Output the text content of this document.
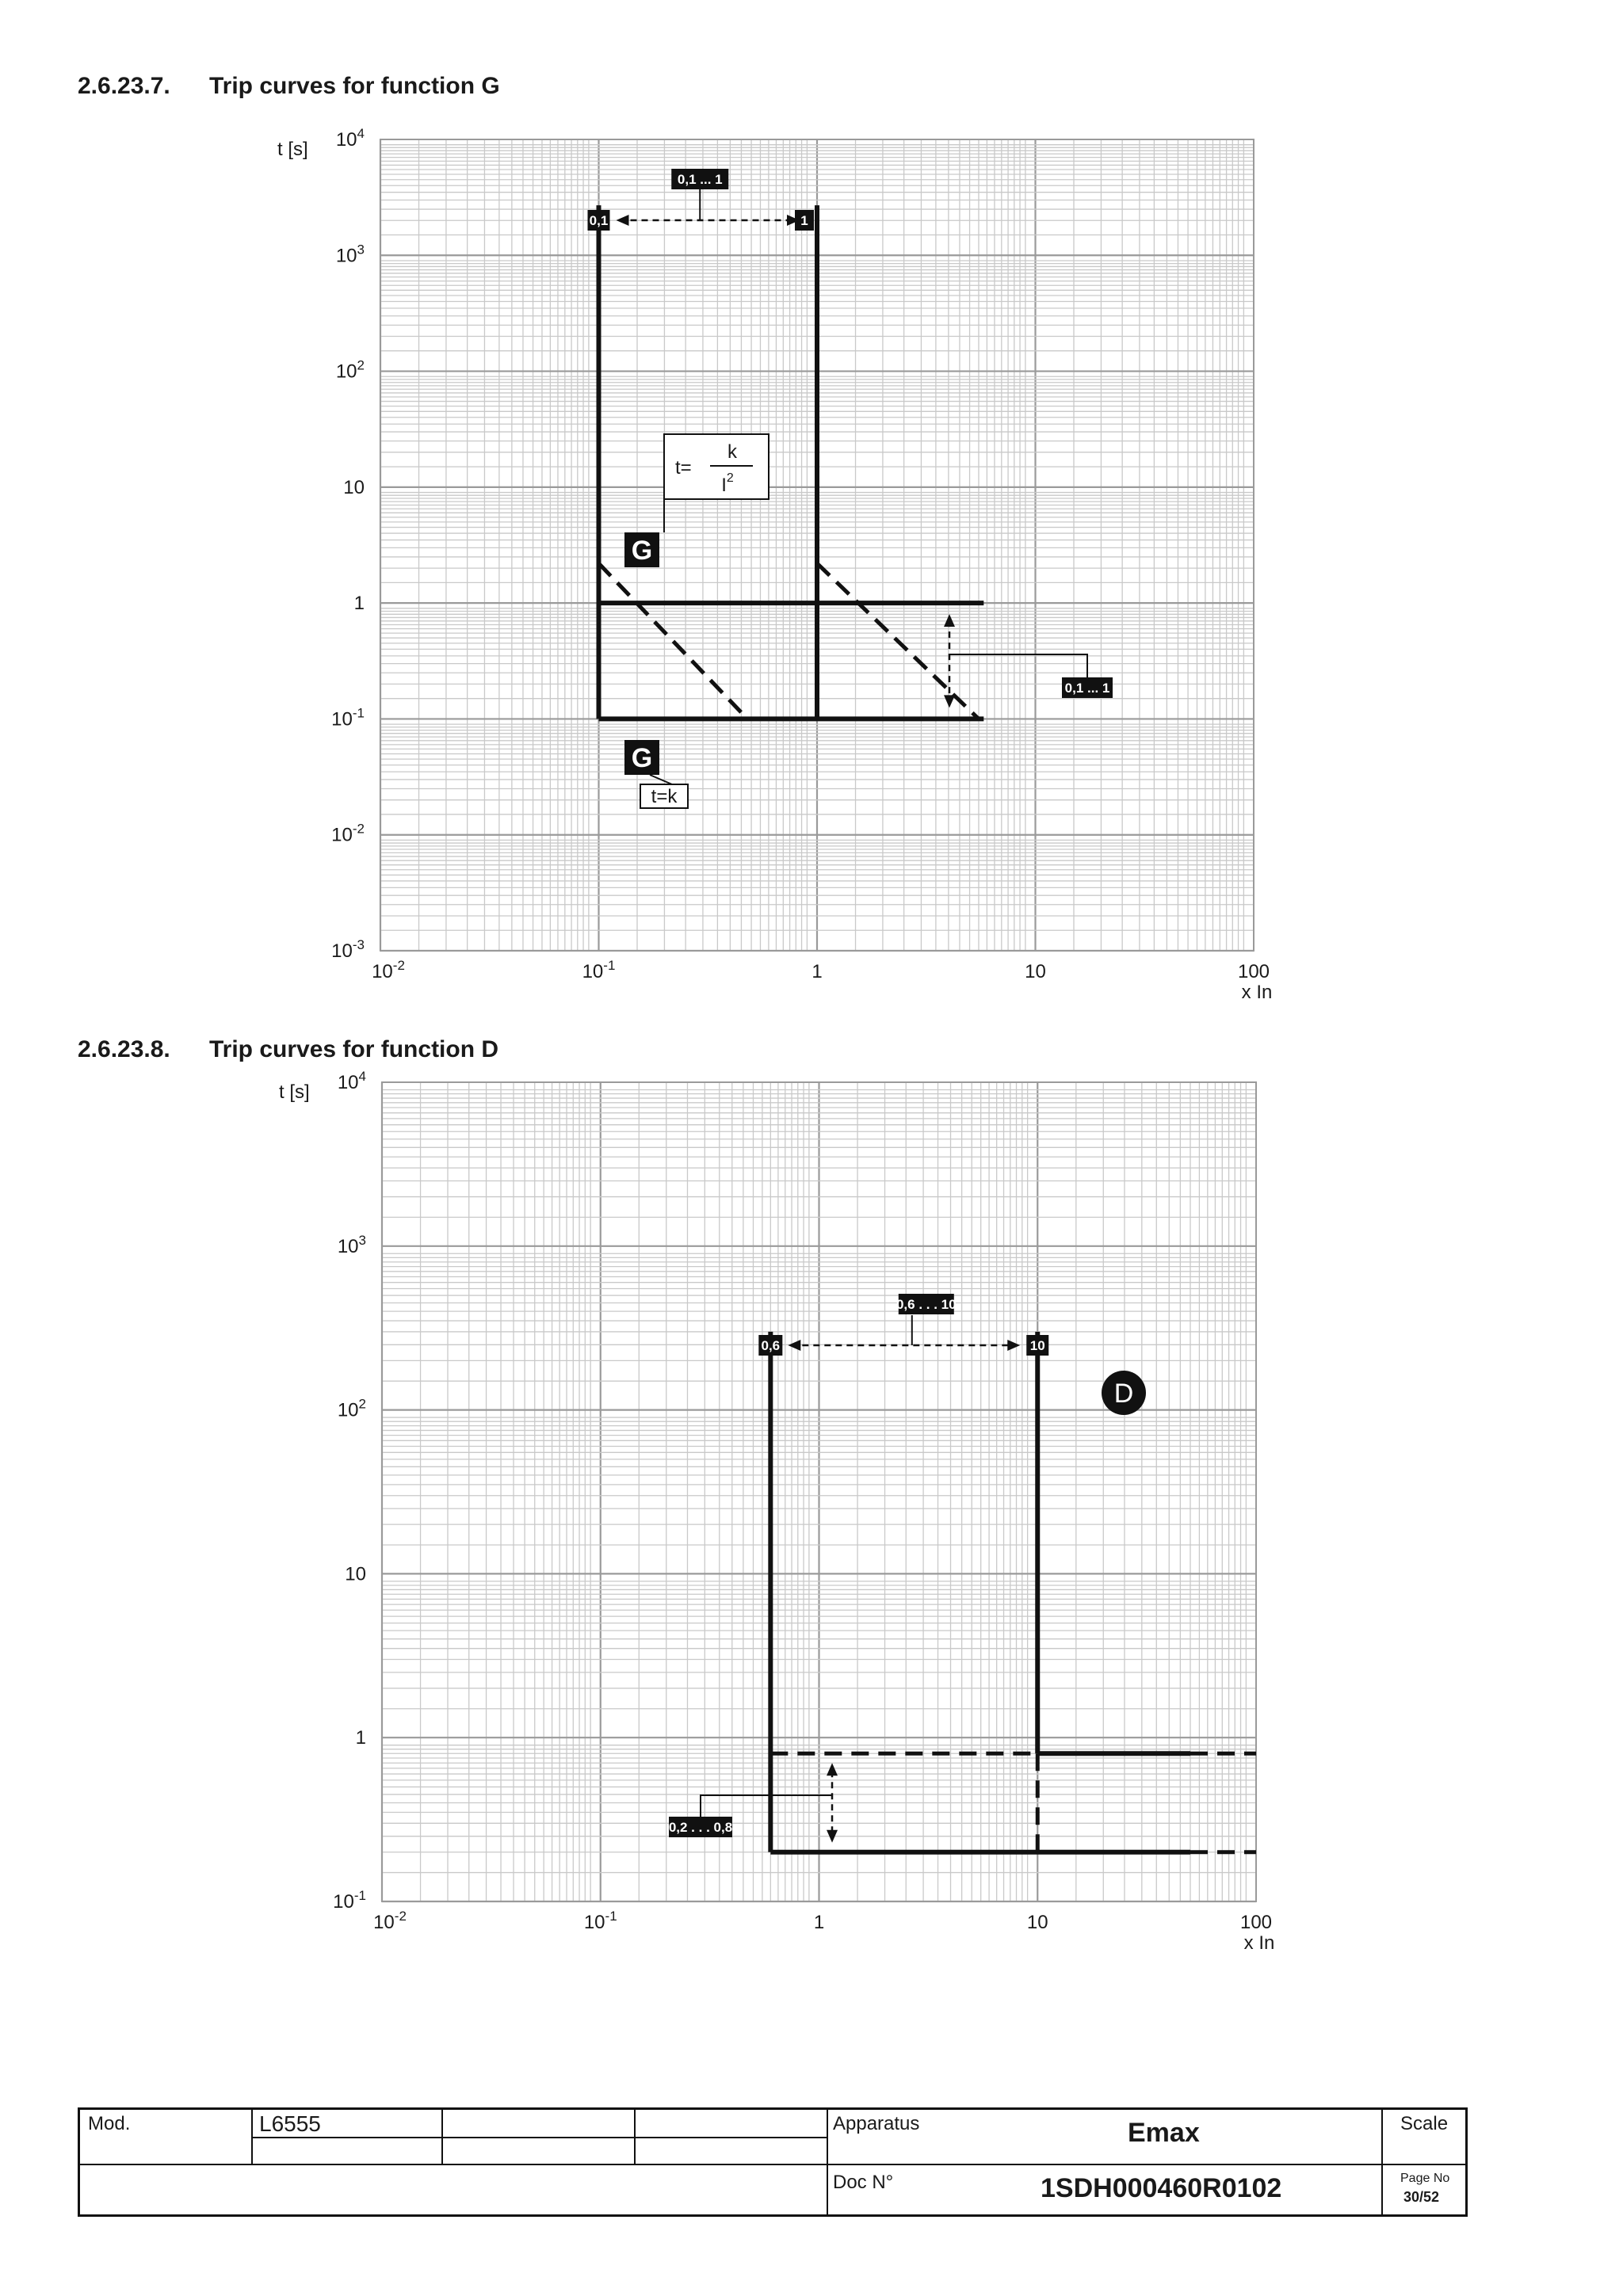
2.6.23.7. Trip curves for function G
2.6.23.8. Trip curves for function D
t [s] $10^4$
$10^3$
$10^2$
10
1
$10^{-1}$
$10^{-2}$
$10^{-3}$
$10^{-2}$	$10^{-1}$	1	10	100
x In
0,1	1
0,1 ... 1
0,1 ... 1
t=
k
$I^2$
G
G
t=k
t [s] $10^4$
$10^3$
$10^2$
10
1
$10^{-1}$
$10^{-2}$	$10^{-1}$	1	10	100
x In
0,6	10
0,6 . . . 10
D
0,2 . . . 0,8
Mod.	L6555	Apparatus	Emax	Scale
Doc N°	1SDH000460R0102	Page No
30/52
